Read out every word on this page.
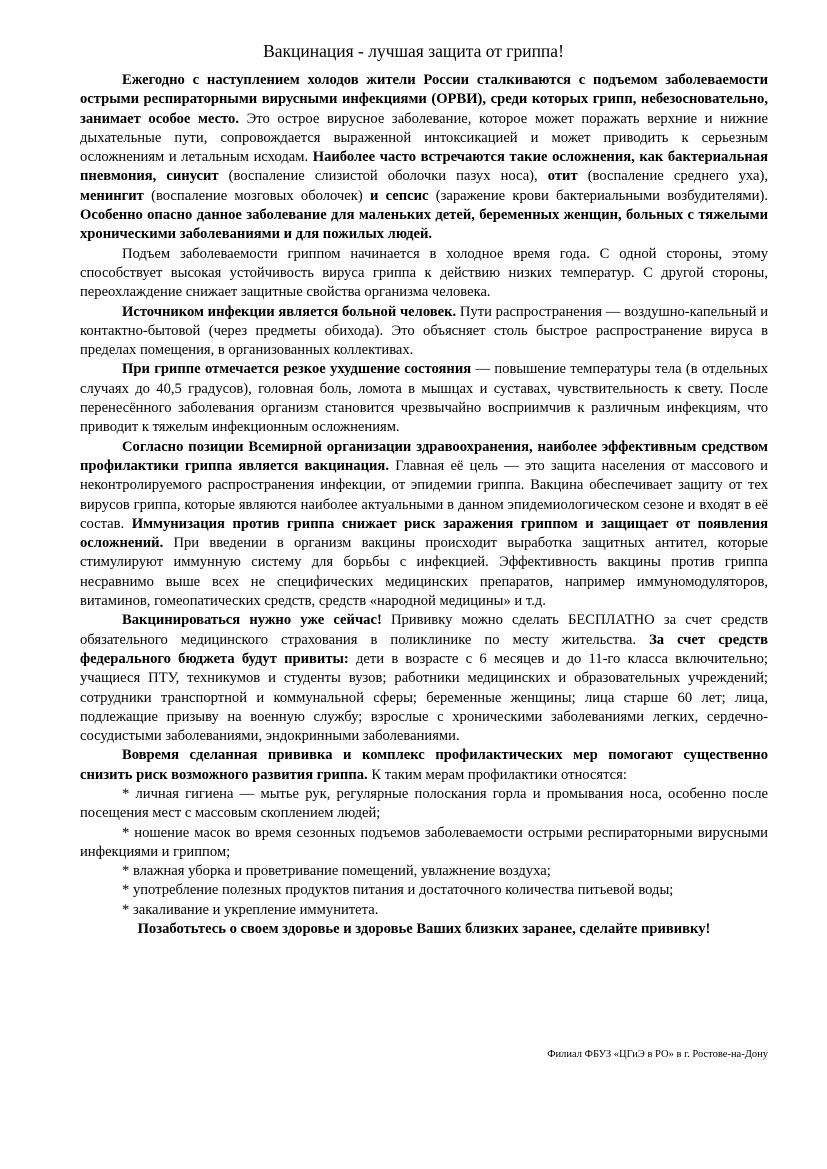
Вакцинация - лучшая защита от гриппа!

Ежегодно с наступлением холодов жители России сталкиваются с подъемом заболеваемости острыми респираторными вирусными инфекциями (ОРВИ), среди которых грипп, небезосновательно, занимает особое место. Это острое вирусное заболевание, которое может поражать верхние и нижние дыхательные пути, сопровождается выраженной интоксикацией и может приводить к серьезным осложнениям и летальным исходам. Наиболее часто встречаются такие осложнения, как бактериальная пневмония, синусит (воспаление слизистой оболочки пазух носа), отит (воспаление среднего уха), менингит (воспаление мозговых оболочек) и сепсис (заражение крови бактериальными возбудителями). Особенно опасно данное заболевание для маленьких детей, беременных женщин, больных с тяжелыми хроническими заболеваниями и для пожилых людей.

Подъем заболеваемости гриппом начинается в холодное время года. С одной стороны, этому способствует высокая устойчивость вируса гриппа к действию низких температур. С другой стороны, переохлаждение снижает защитные свойства организма человека.

Источником инфекции является больной человек. Пути распространения — воздушно-капельный и контактно-бытовой (через предметы обихода). Это объясняет столь быстрое распространение вируса в пределах помещения, в организованных коллективах.

При гриппе отмечается резкое ухудшение состояния — повышение температуры тела (в отдельных случаях до 40,5 градусов), головная боль, ломота в мышцах и суставах, чувствительность к свету. После перенесённого заболевания организм становится чрезвычайно восприимчив к различным инфекциям, что приводит к тяжелым инфекционным осложнениям.

Согласно позиции Всемирной организации здравоохранения, наиболее эффективным средством профилактики гриппа является вакцинация. Главная её цель — это защита населения от массового и неконтролируемого распространения инфекции, от эпидемии гриппа. Вакцина обеспечивает защиту от тех вирусов гриппа, которые являются наиболее актуальными в данном эпидемиологическом сезоне и входят в её состав. Иммунизация против гриппа снижает риск заражения гриппом и защищает от появления осложнений. При введении в организм вакцины происходит выработка защитных антител, которые стимулируют иммунную систему для борьбы с инфекцией. Эффективность вакцины против гриппа несравнимо выше всех не специфических медицинских препаратов, например иммуномодуляторов, витаминов, гомеопатических средств, средств «народной медицины» и т.д.

Вакцинироваться нужно уже сейчас! Прививку можно сделать БЕСПЛАТНО за счет средств обязательного медицинского страхования в поликлинике по месту жительства. За счет средств федерального бюджета будут привиты: дети в возрасте с 6 месяцев и до 11-го класса включительно; учащиеся ПТУ, техникумов и студенты вузов; работники медицинских и образовательных учреждений; сотрудники транспортной и коммунальной сферы; беременные женщины; лица старше 60 лет; лица, подлежащие призыву на военную службу; взрослые с хроническими заболеваниями легких, сердечно-сосудистыми заболеваниями, эндокринными заболеваниями.

Вовремя сделанная прививка и комплекс профилактических мер помогают существенно снизить риск возможного развития гриппа. К таким мерам профилактики относятся:

* личная гигиена — мытье рук, регулярные полоскания горла и промывания носа, особенно после посещения мест с массовым скоплением людей;

* ношение масок во время сезонных подъемов заболеваемости острыми респираторными вирусными инфекциями и гриппом;

* влажная уборка и проветривание помещений, увлажнение воздуха;

* употребление полезных продуктов питания и достаточного количества питьевой воды;

* закаливание и укрепление иммунитета.

Позаботьтесь о своем здоровье и здоровье Ваших близких заранее, сделайте прививку!

Филиал ФБУЗ «ЦГиЭ в РО» в г. Ростове-на-Дону
